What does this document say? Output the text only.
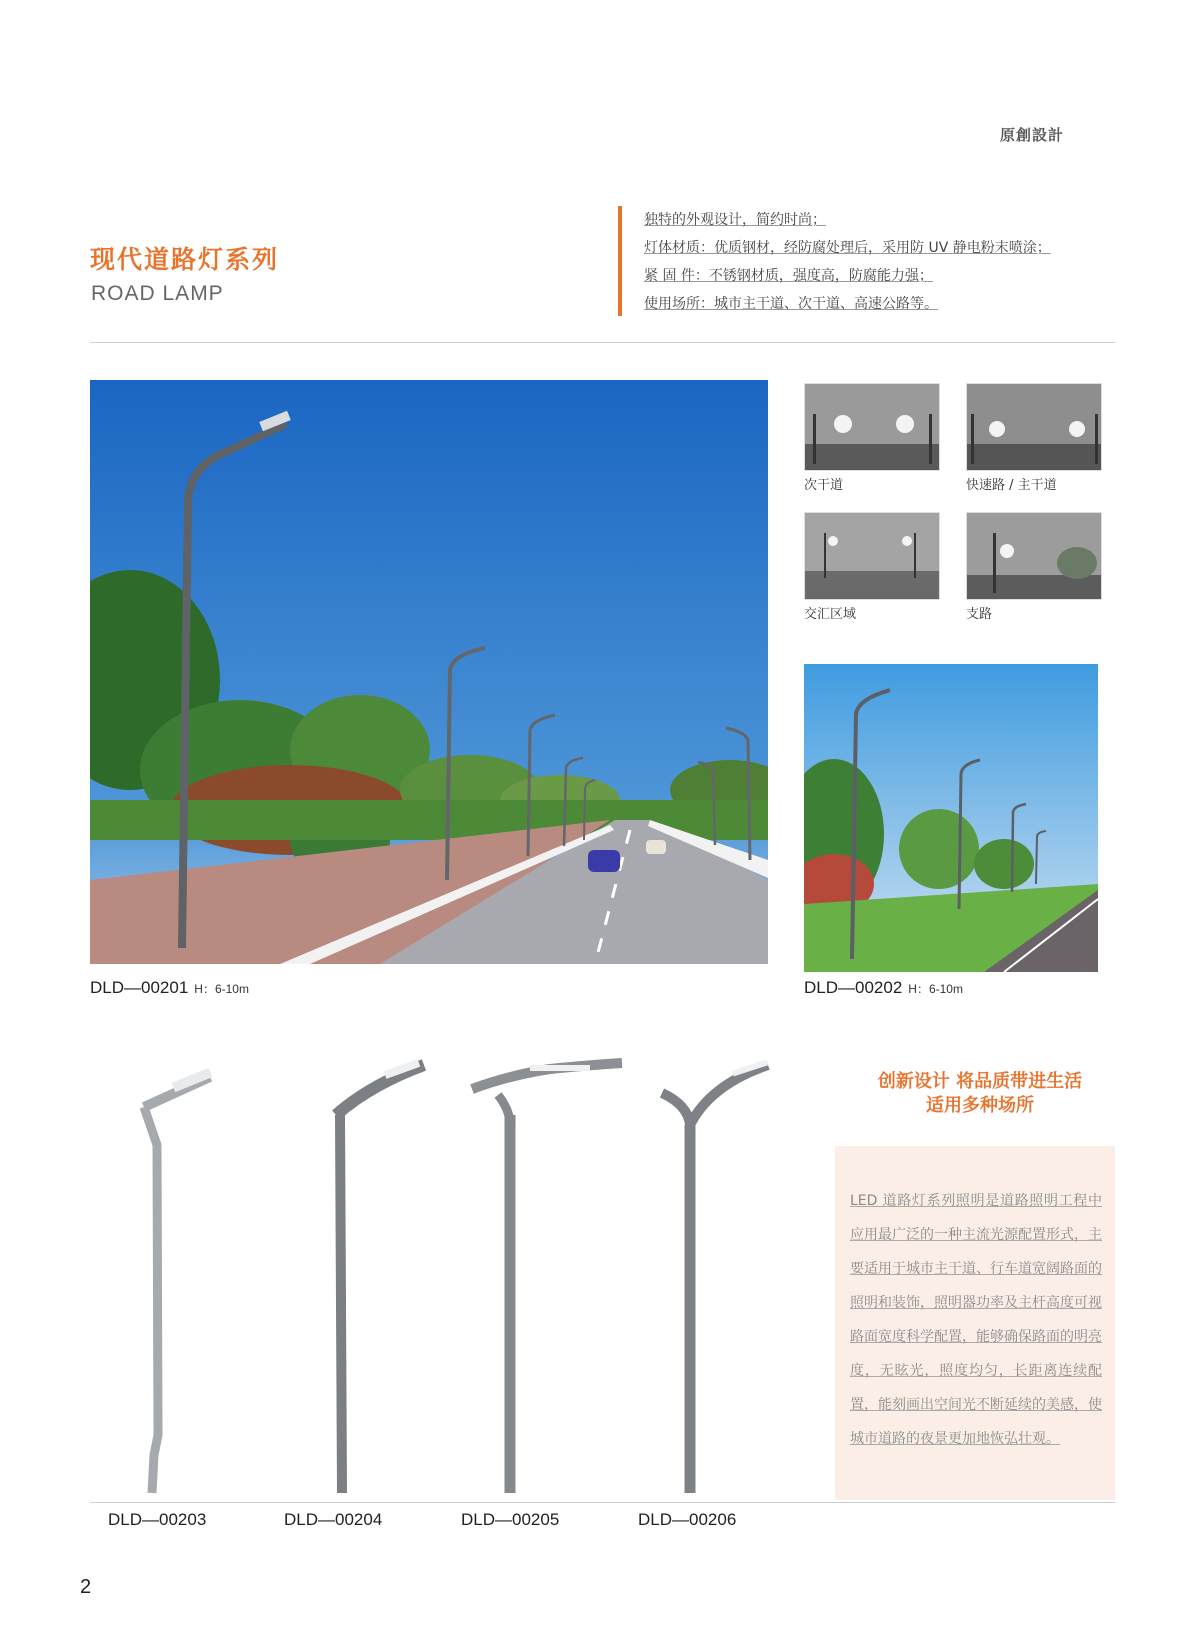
原創設計
现代道路灯系列
ROAD LAMP
独特的外观设计，简约时尚；
灯体材质：优质钢材，经防腐处理后，采用防 UV 静电粉末喷涂；
紧 固 件：不锈钢材质，强度高，防腐能力强；
使用场所：城市主干道、次干道、高速公路等。
DLD—00201 H：6-10m
次干道	快速路 / 主干道
交汇区域	支路
DLD—00202 H：6-10m
DLD—00203	DLD—00204	DLD—00205	DLD—00206
创新设计 将品质带进生活
适用多种场所
LED 道路灯系列照明是道路照明工程中应用最广泛的一种主流光源配置形式，主要适用于城市主干道、行车道宽阔路面的照明和装饰，照明器功率及主杆高度可视路面宽度科学配置，能够确保路面的明亮度，无眩光，照度均匀，长距离连续配置，能刻画出空间光不断延续的美感，使城市道路的夜景更加地恢弘壮观。
2
